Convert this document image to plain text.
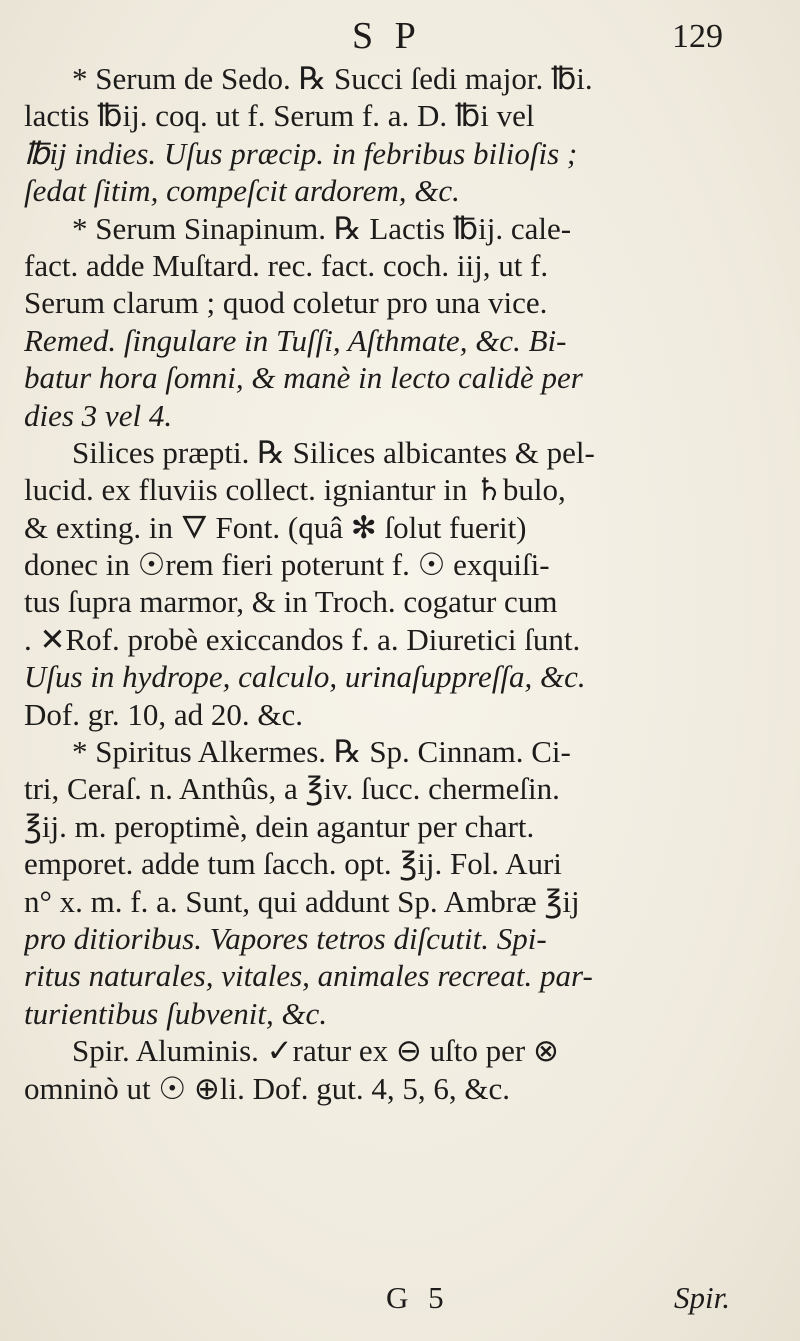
S P	129
* Serum de Sedo. ℞ Succi ſedi major. ℔i.
lactis ℔ij. coq. ut f. Serum f. a. D. ℔i vel
℔ij indies. Uſus præcip. in febribus bilioſis ;
ſedat ſitim, compeſcit ardorem, &c.
* Serum Sinapinum. ℞ Lactis ℔ij. cale-
fact. adde Muſtard. rec. fact. coch. iij, ut f.
Serum clarum ; quod coletur pro una vice.
Remed. ſingulare in Tuſſi, Aſthmate, &c. Bi-
batur hora ſomni, & manè in lecto calidè per
dies 3 vel 4.
Silices præpti. ℞ Silices albicantes & pel-
lucid. ex fluviis collect. igniantur in ♄bulo,
& exting. in 🜄 Font. (quâ ✻ ſolut fuerit)
donec in ☉rem fieri poterunt f. ☉ exquiſi-
tus ſupra marmor, & in Troch. cogatur cum
. ✕Rof. probè exiccandos f. a. Diuretici ſunt.
Uſus in hydrope, calculo, urinaſuppreſſa, &c.
Dof. gr. 10, ad 20. &c.
* Spiritus Alkermes. ℞ Sp. Cinnam. Ci-
tri, Ceraſ. n. Anthûs, a ℥iv. ſucc. chermeſin.
℥ij. m. peroptimè, dein agantur per chart.
emporet. adde tum ſacch. opt. ℥ij. Fol. Auri
n° x. m. f. a. Sunt, qui addunt Sp. Ambræ ℥ij
pro ditioribus. Vapores tetros diſcutit. Spi-
ritus naturales, vitales, animales recreat. par-
turientibus ſubvenit, &c.
Spir. Aluminis. ✓ratur ex ⊖ uſto per ⊗
omninò ut ☉ ⊕li. Dof. gut. 4, 5, 6, &c.
G 5	Spir.
